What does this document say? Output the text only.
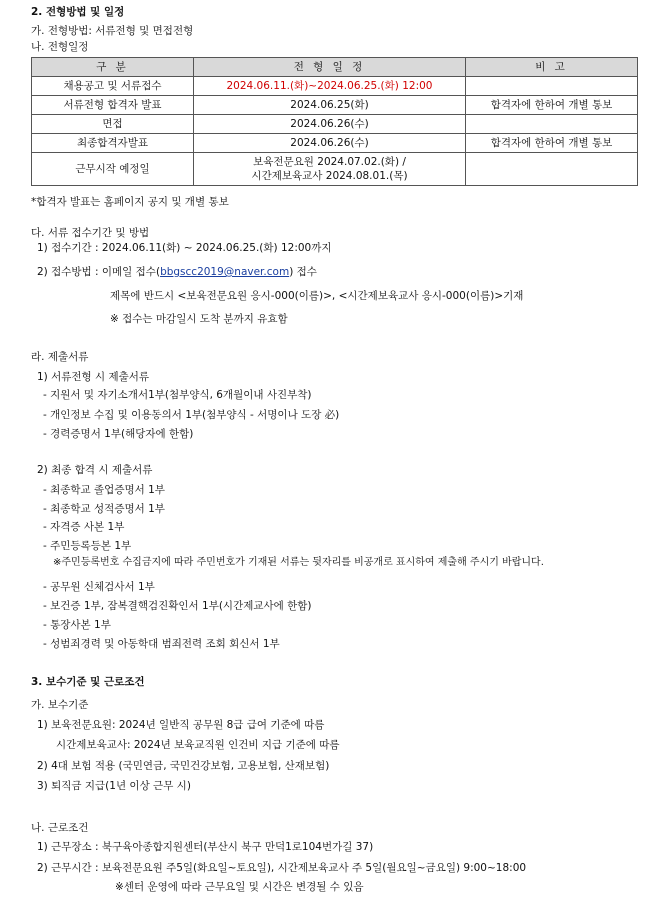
2. 전형방법 및 일정
가. 전형방법: 서류전형 및 면접전형
나. 전형일정
구 분	전 형 일 정	비 고
채용공고 및 서류접수	2024.06.11.(화)~2024.06.25.(화) 12:00	
서류전형 합격자 발표	2024.06.25(화)	합격자에 한하여 개별 통보
면접	2024.06.26(수)	
최종합격자발표	2024.06.26(수)	합격자에 한하여 개별 통보
근무시작 예정일	보육전문요원 2024.07.02.(화) /
시간제보육교사 2024.08.01.(목)	

*합격자 발표는 홈페이지 공지 및 개별 통보
다. 서류 접수기간 및 방법
1) 접수기간 : 2024.06.11(화) ~ 2024.06.25.(화) 12:00까지
2) 접수방법 : 이메일 접수(bbgscc2019@naver.com) 접수
제목에 반드시 <보육전문요원 응시-000(이름)>, <시간제보육교사 응시-000(이름)>기재
※ 접수는 마감일시 도착 분까지 유효함
라. 제출서류
1) 서류전형 시 제출서류
- 지원서 및 자기소개서1부(첨부양식, 6개월이내 사진부착)
- 개인정보 수집 및 이용동의서 1부(첨부양식 - 서명이나 도장 必)
- 경력증명서 1부(해당자에 한함)
2) 최종 합격 시 제출서류
- 최종학교 졸업증명서 1부
- 최종학교 성적증명서 1부
- 자격증 사본 1부
- 주민등록등본 1부
※주민등록번호 수집금지에 따라 주민번호가 기재된 서류는 뒷자리를 비공개로 표시하여 제출해 주시기 바랍니다.
- 공무원 신체검사서 1부
- 보건증 1부, 잠복결핵검진확인서 1부(시간제교사에 한함)
- 통장사본 1부
- 성범죄경력 및 아동학대 범죄전력 조회 회신서 1부
3. 보수기준 및 근로조건
가. 보수기준
1) 보육전문요원: 2024년 일반직 공무원 8급 급여 기준에 따름
시간제보육교사: 2024년 보육교직원 인건비 지급 기준에 따름
2) 4대 보험 적용 (국민연금, 국민건강보험, 고용보험, 산재보험)
3) 퇴직금 지급(1년 이상 근무 시)
나. 근로조건
1) 근무장소 : 북구육아종합지원센터(부산시 북구 만덕1로104번가길 37)
2) 근무시간 : 보육전문요원 주5일(화요일~토요일), 시간제보육교사 주 5일(월요일~금요일) 9:00~18:00
※센터 운영에 따라 근무요일 및 시간은 변경될 수 있음
